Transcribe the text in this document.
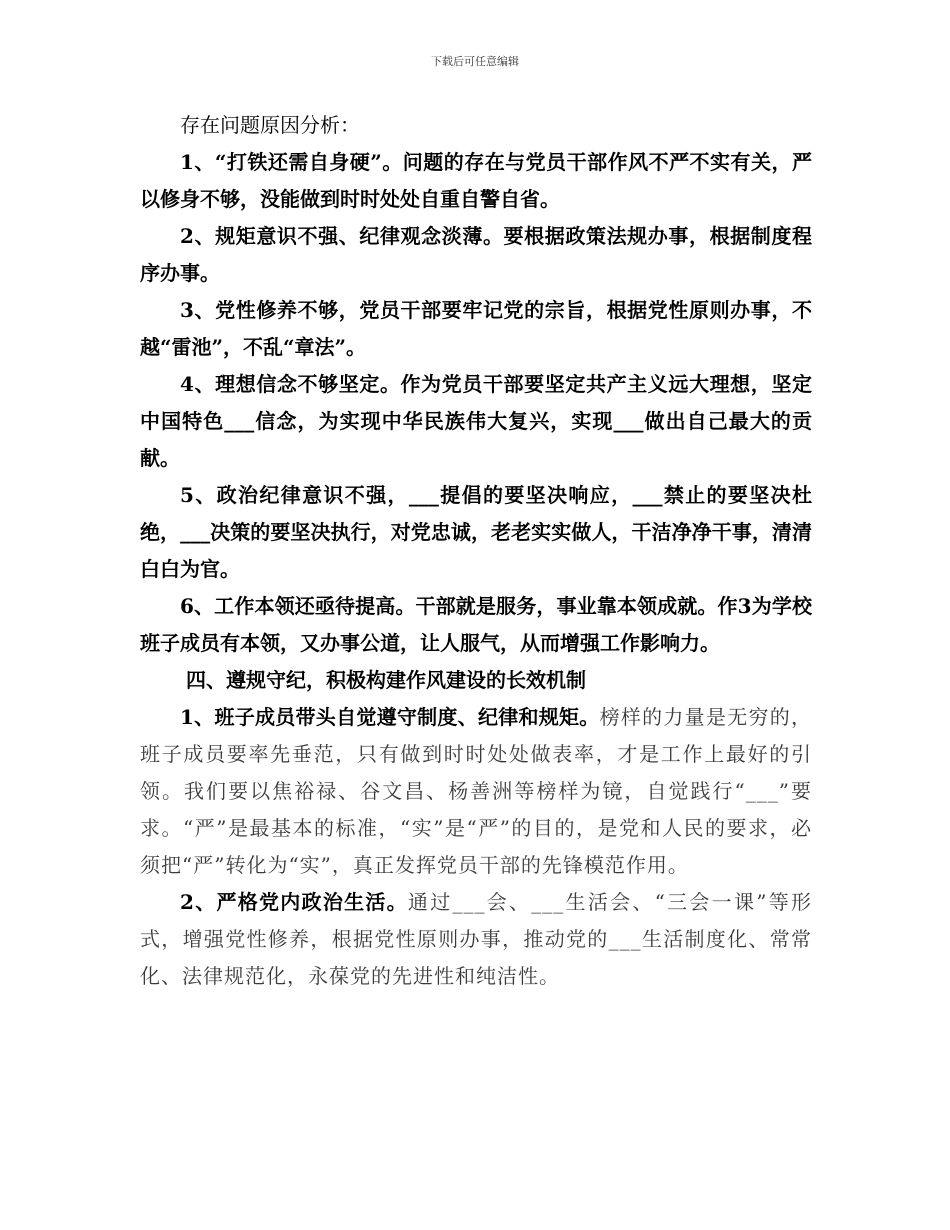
下载后可任意编辑

存在问题原因分析：

1、“打铁还需自身硬”。问题的存在与党员干部作风不严不实有关，严以修身不够，没能做到时时处处自重自警自省。

2、规矩意识不强、纪律观念淡薄。要根据政策法规办事，根据制度程序办事。

3、党性修养不够，党员干部要牢记党的宗旨，根据党性原则办事，不越“雷池”，不乱“章法”。

4、理想信念不够坚定。作为党员干部要坚定共产主义远大理想，坚定中国特色___信念，为实现中华民族伟大复兴，实现___做出自己最大的贡献。

5、政治纪律意识不强，___提倡的要坚决响应，___禁止的要坚决杜绝，___决策的要坚决执行，对党忠诚，老老实实做人，干洁净净干事，清清白白为官。

6、工作本领还亟待提高。干部就是服务，事业靠本领成就。作3为学校班子成员有本领，又办事公道，让人服气，从而增强工作影响力。

四、遵规守纪，积极构建作风建设的长效机制

1、班子成员带头自觉遵守制度、纪律和规矩。榜样的力量是无穷的，班子成员要率先垂范，只有做到时时处处做表率，才是工作上最好的引领。我们要以焦裕禄、谷文昌、杨善洲等榜样为镜，自觉践行“___”要求。“严”是最基本的标准，“实”是“严”的目的，是党和人民的要求，必须把“严”转化为“实”，真正发挥党员干部的先锋模范作用。

2、严格党内政治生活。通过___会、___生活会、“三会一课”等形式，增强党性修养，根据党性原则办事，推动党的___生活制度化、常常化、法律规范化，永葆党的先进性和纯洁性。
